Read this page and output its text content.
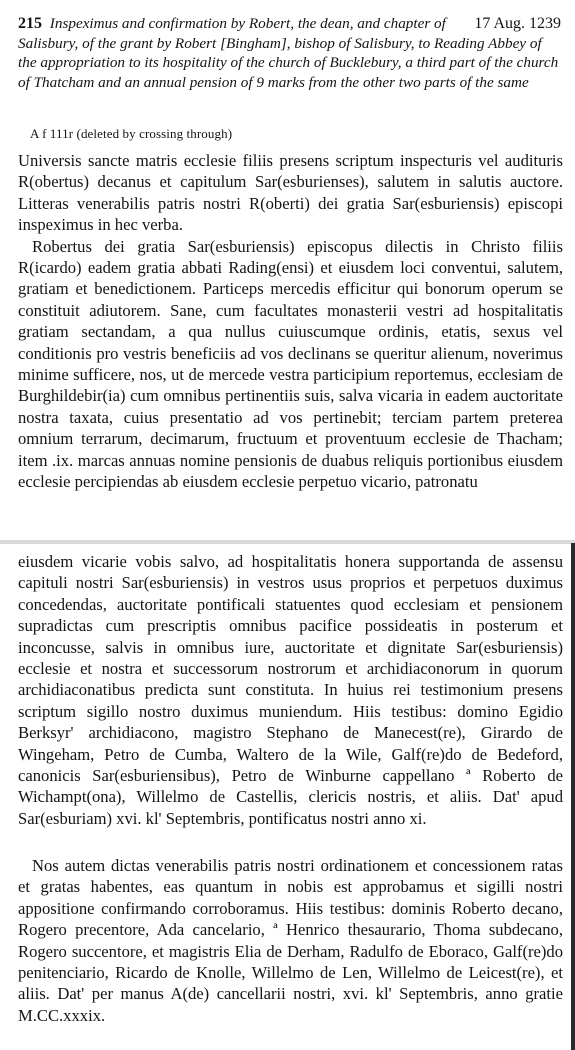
17 Aug. 1239
215 Inspeximus and confirmation by Robert, the dean, and chapter of Salisbury, of the grant by Robert [Bingham], bishop of Salisbury, to Reading Abbey of the appropriation to its hospitality of the church of Bucklebury, a third part of the church of Thatcham and an annual pension of 9 marks from the other two parts of the same
A f 111r (deleted by crossing through)

Universis sancte matris ecclesie filiis presens scriptum inspecturis vel audituris R(obertus) decanus et capitulum Sar(esburienses), salutem in salutis auctore. Litteras venerabilis patris nostri R(oberti) dei gratia Sar(esburiensis) episcopi inspeximus in hec verba.

Robertus dei gratia Sar(esburiensis) episcopus dilectis in Christo filiis R(icardo) eadem gratia abbati Rading(ensi) et eiusdem loci conventui, salutem, gratiam et benedictionem. Particeps mercedis efficitur qui bonorum operum se constituit adiutorem. Sane, cum facultates monasterii vestri ad hospitalitatis gratiam sectandam, a qua nullus cuiuscumque ordinis, etatis, sexus vel conditionis pro vestris beneficiis ad vos declinans se queritur alienum, noverimus minime sufficere, nos, ut de mercede vestra participium reportemus, ecclesiam de Burghildebir(ia) cum omnibus pertinentiis suis, salva vicaria in eadem auctoritate nostra taxata, cuius presentatio ad vos pertinebit; terciam partem preterea omnium terrarum, decimarum, fructuum et proventuum ecclesie de Thacham; item .ix. marcas annuas nomine pensionis de duabus reliquis portionibus eiusdem ecclesie percipiendas ab eiusdem ecclesie perpetuo vicario, patronatu

eiusdem vicarie vobis salvo, ad hospitalitatis honera supportanda de assensu capituli nostri Sar(esburiensis) in vestros usus proprios et perpetuos duximus concedendas, auctoritate pontificali statuentes quod ecclesiam et pensionem supradictas cum prescriptis omnibus pacifice possideatis in posterum et inconcusse, salvis in omnibus iure, auctoritate et dignitate Sar(esburiensis) ecclesie et nostra et successorum nostrorum et archidiaconorum in quorum archidiaconatibus predicta sunt constituta. In huius rei testimonium presens scriptum sigillo nostro duximus muniendum. Hiis testibus: domino Egidio Berksyr' archidiacono, magistro Stephano de Manecest(re), Girardo de Wingeham, Petro de Cumba, Waltero de la Wile, Galf(re)do de Bedeford, canonicis Sar(esburiensibus), Petro de Winburne cappellano ª Roberto de Wichampt(ona), Willelmo de Castellis, clericis nostris, et aliis. Dat' apud Sar(esburiam) xvi. kl' Septembris, pontificatus nostri anno xi.

Nos autem dictas venerabilis patris nostri ordinationem et concessionem ratas et gratas habentes, eas quantum in nobis est approbamus et sigilli nostri appositione confirmando corroboramus. Hiis testibus: dominis Roberto decano, Rogero precentore, Ada cancelario, ª Henrico thesaurario, Thoma subdecano, Rogero succentore, et magistris Elia de Derham, Radulfo de Eboraco, Galf(re)do penitenciario, Ricardo de Knolle, Willelmo de Len, Willelmo de Leicest(re), et aliis. Dat' per manus A(de) cancellarii nostri, xvi. kl' Septembris, anno gratie M.CC.xxxix.
